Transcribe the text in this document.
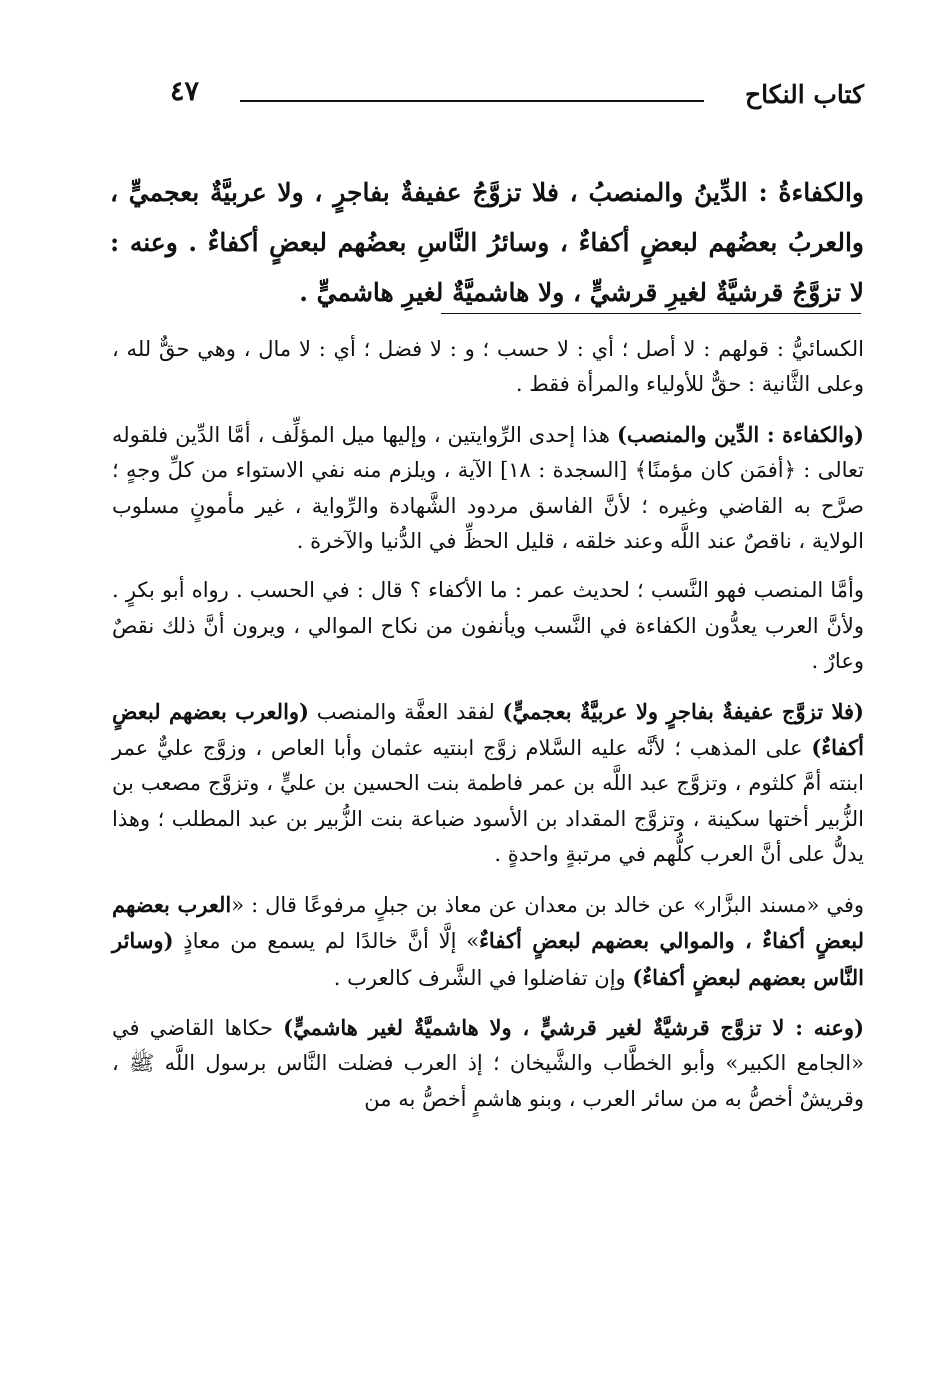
كتاب النكاح
٤٧
والكفاءةُ : الدِّينُ والمنصبُ ، فلا تزوَّجُ عفيفةٌ بفاجرٍ ، ولا عربيَّةٌ بعجميٍّ ، والعربُ بعضُهم لبعضٍ أكفاءٌ ، وسائرُ النَّاسِ بعضُهم لبعضٍ أكفاءٌ . وعنه : لا تزوَّجُ قرشيَّةٌ لغيرِ قرشيٍّ ، ولا هاشميَّةٌ لغيرِ هاشميٍّ .

الكسائيُّ : قولهم : لا أصل ؛ أي : لا حسب ؛ و : لا فضل ؛ أي : لا مال ، وهي حقٌّ لله ، وعلى الثَّانية : حقٌّ للأولياء والمرأة فقط .

(والكفاءة : الدِّين والمنصب) هذا إحدى الرِّوايتين ، وإليها ميل المؤلِّف ، أمَّا الدِّين فلقوله تعالى : ﴿أفمَن كان مؤمنًا﴾ [السجدة : ١٨] الآية ، ويلزم منه نفي الاستواء من كلِّ وجهٍ ؛ صرَّح به القاضي وغيره ؛ لأنَّ الفاسق مردود الشَّهادة والرِّواية ، غير مأمونٍ مسلوب الولاية ، ناقصٌ عند اللَّه وعند خلقه ، قليل الحظِّ في الدُّنيا والآخرة .

وأمَّا المنصب فهو النَّسب ؛ لحديث عمر : ما الأكفاء ؟ قال : في الحسب . رواه أبو بكرٍ . ولأنَّ العرب يعدُّون الكفاءة في النَّسب ويأنفون من نكاح الموالي ، ويرون أنَّ ذلك نقصٌ وعارٌ .

(فلا تزوَّج عفيفةٌ بفاجرٍ ولا عربيَّةٌ بعجميٍّ) لفقد العفَّة والمنصب (والعرب بعضهم لبعضٍ أكفاءٌ) على المذهب ؛ لأنَّه عليه السَّلام زوَّج ابنتيه عثمان وأبا العاص ، وزوَّج عليٌّ عمر ابنته أمَّ كلثوم ، وتزوَّج عبد اللَّه بن عمر فاطمة بنت الحسين بن عليٍّ ، وتزوَّج مصعب بن الزُّبير أختها سكينة ، وتزوَّج المقداد بن الأسود ضباعة بنت الزُّبير بن عبد المطلب ؛ وهذا يدلُّ على أنَّ العرب كلُّهم في مرتبةٍ واحدةٍ .

وفي «مسند البزَّار» عن خالد بن معدان عن معاذ بن جبلٍ مرفوعًا قال : «العرب بعضهم لبعضٍ أكفاءٌ ، والموالي بعضهم لبعضٍ أكفاءٌ» إلَّا أنَّ خالدًا لم يسمع من معاذٍ (وسائر النَّاس بعضهم لبعضٍ أكفاءٌ) وإن تفاضلوا في الشَّرف كالعرب .

(وعنه : لا تزوَّج قرشيَّةٌ لغير قرشيٍّ ، ولا هاشميَّةٌ لغير هاشميٍّ) حكاها القاضي في «الجامع الكبير» وأبو الخطَّاب والشَّيخان ؛ إذ العرب فضلت النَّاس برسول اللَّه ﷺ ، وقريشٌ أخصُّ به من سائر العرب ، وبنو هاشمٍ أخصُّ به من
